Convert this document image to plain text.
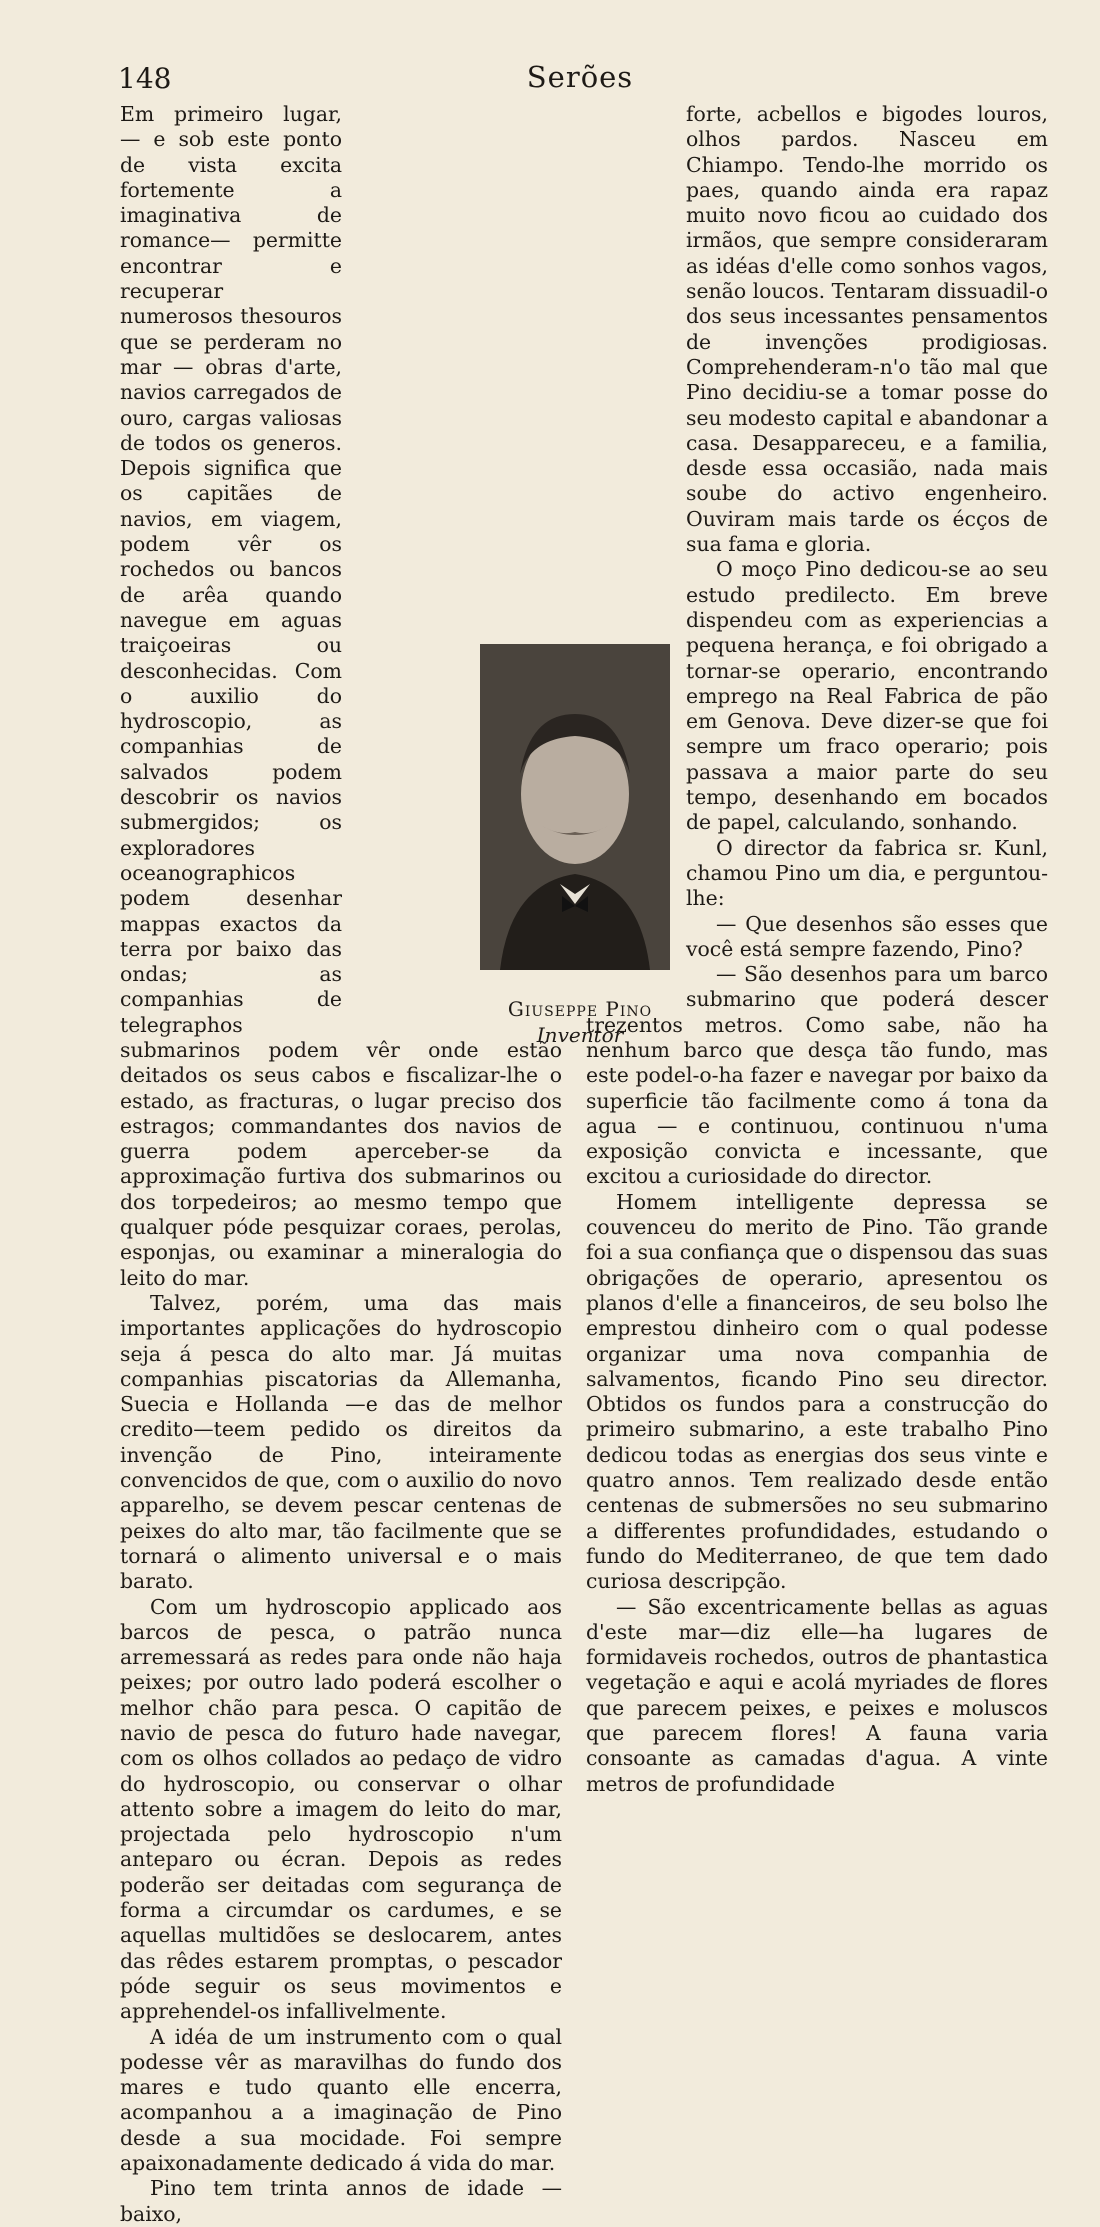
148	Serões

Em primeiro lugar, — e sob este ponto de vista excita fortemente a imaginativa de romance— permitte encontrar e recuperar numerosos thesouros que se perderam no mar — obras d'arte, navios carregados de ouro, cargas valiosas de todos os generos. Depois significa que os capitães de navios, em viagem, podem vêr os rochedos ou bancos de arêa quando navegue em aguas traiçoeiras ou desconhecidas. Com o auxilio do hydroscopio, as companhias de salvados podem descobrir os navios submergidos; os exploradores oceanographicos podem desenhar mappas exactos da terra por baixo das ondas; as companhias de telegraphos submarinos podem vêr onde estão deitados os seus cabos e fiscalizar-lhe o estado, as fracturas, o lugar preciso dos estragos; commandantes dos navios de guerra podem aperceber-se da approximação furtiva dos submarinos ou dos torpedeiros; ao mesmo tempo que qualquer póde pesquizar coraes, perolas, esponjas, ou examinar a mineralogia do leito do mar.

Talvez, porém, uma das mais importantes applicações do hydroscopio seja á pesca do alto mar. Já muitas companhias piscatorias da Allemanha, Suecia e Hollanda —e das de melhor credito—teem pedido os direitos da invenção de Pino, inteiramente convencidos de que, com o auxilio do novo apparelho, se devem pescar centenas de peixes do alto mar, tão facilmente que se tornará o alimento universal e o mais barato.

Com um hydroscopio applicado aos barcos de pesca, o patrão nunca arremessará as redes para onde não haja peixes; por outro lado poderá escolher o melhor chão para pesca. O capitão de navio de pesca do futuro hade navegar, com os olhos collados ao pedaço de vidro do hydroscopio, ou conservar o olhar attento sobre a imagem do leito do mar, projectada pelo hydroscopio n'um anteparo ou écran. Depois as redes poderão ser deitadas com segurança de forma a circumdar os cardumes, e se aquellas multidões se deslocarem, antes das rêdes estarem promptas, o pescador póde seguir os seus movimentos e apprehendel-os infallivelmente.

A idéa de um instrumento com o qual podesse vêr as maravilhas do fundo dos mares e tudo quanto elle encerra, acompanhou a a imaginação de Pino desde a sua mocidade. Foi sempre apaixonadamente dedicado á vida do mar.

Pino tem trinta annos de idade — baixo,

forte, acbellos e bigodes louros, olhos pardos. Nasceu em Chiampo. Tendo-lhe morrido os paes, quando ainda era rapaz muito novo ficou ao cuidado dos irmãos, que sempre consideraram as idéas d'elle como sonhos vagos, senão loucos. Tentaram dissuadil-o dos seus incessantes pensamentos de invenções prodigiosas. Comprehenderam-n'o tão mal que Pino decidiu-se a tomar posse do seu modesto capital e abandonar a casa. Desappareceu, e a familia, desde essa occasião, nada mais soube do activo engenheiro. Ouviram mais tarde os écços de sua fama e gloria.

O moço Pino dedicou-se ao seu estudo predilecto. Em breve dispendeu com as experiencias a pequena herança, e foi obrigado a tornar-se operario, encontrando emprego na Real Fabrica de pão em Genova. Deve dizer-se que foi sempre um fraco operario; pois passava a maior parte do seu tempo, desenhando em bocados de papel, calculando, sonhando.

O director da fabrica sr. Kunl, chamou Pino um dia, e perguntou-lhe:

— Que desenhos são esses que você está sempre fazendo, Pino?

— São desenhos para um barco submarino que poderá descer trezentos metros. Como sabe, não ha nenhum barco que desça tão fundo, mas este podel-o-ha fazer e navegar por baixo da superficie tão facilmente como á tona da agua — e continuou, continuou n'uma exposição convicta e incessante, que excitou a curiosidade do director.

Homem intelligente depressa se couvenceu do merito de Pino. Tão grande foi a sua confiança que o dispensou das suas obrigações de operario, apresentou os planos d'elle a financeiros, de seu bolso lhe emprestou dinheiro com o qual podesse organizar uma nova companhia de salvamentos, ficando Pino seu director. Obtidos os fundos para a construcção do primeiro submarino, a este trabalho Pino dedicou todas as energias dos seus vinte e quatro annos. Tem realizado desde então centenas de submersões no seu submarino a differentes profundidades, estudando o fundo do Mediterraneo, de que tem dado curiosa descripção.

— São excentricamente bellas as aguas d'este mar—diz elle—ha lugares de formidaveis rochedos, outros de phantastica vegetação e aqui e acolá myriades de flores que parecem peixes, e peixes e moluscos que parecem flores! A fauna varia consoante as camadas d'agua. A vinte metros de profundidade

Giuseppe Pino
Inventor
